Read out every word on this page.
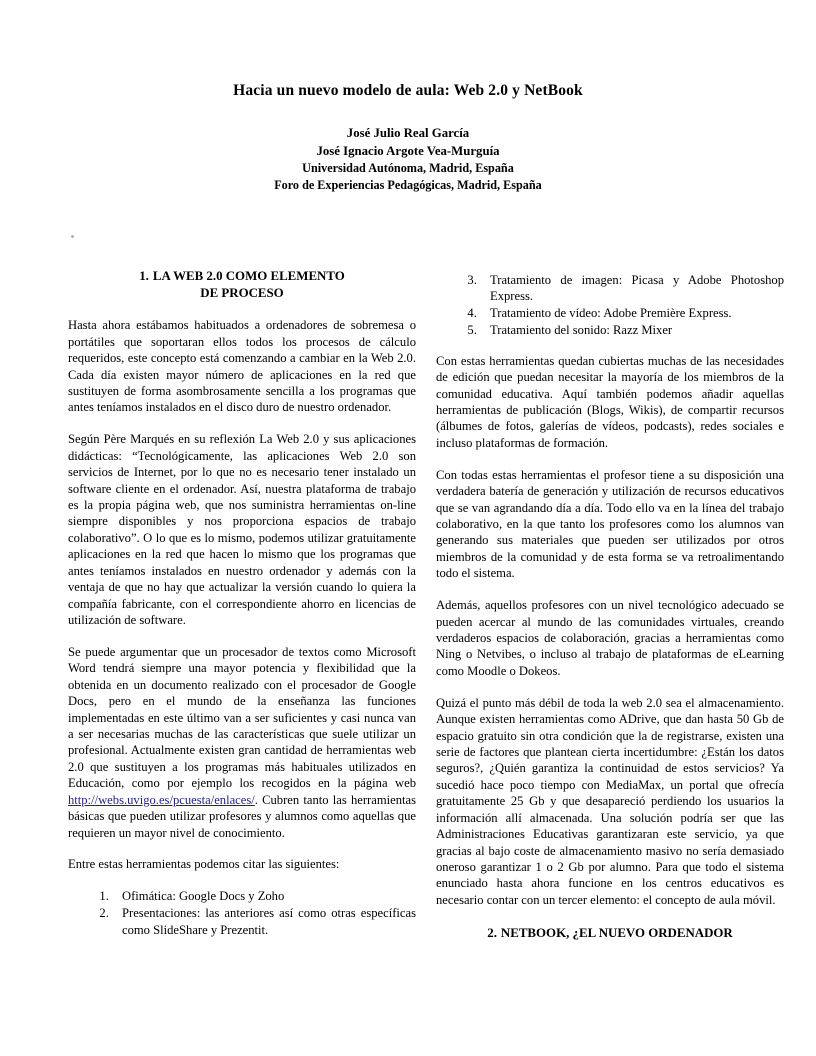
Hacia un nuevo modelo de aula: Web 2.0 y NetBook
José Julio Real García
José Ignacio Argote Vea-Murguía
Universidad Autónoma, Madrid, España
Foro de Experiencias Pedagógicas, Madrid, España
1. LA WEB 2.0 COMO ELEMENTO
DE PROCESO

Hasta ahora estábamos habituados a ordenadores de sobremesa o portátiles que soportaran ellos todos los procesos de cálculo requeridos, este concepto está comenzando a cambiar en la Web 2.0. Cada día existen mayor número de aplicaciones en la red que sustituyen de forma asombrosamente sencilla a los programas que antes teníamos instalados en el disco duro de nuestro ordenador.

Según Père Marqués en su reflexión La Web 2.0 y sus aplicaciones didácticas: “Tecnológicamente, las aplicaciones Web 2.0 son servicios de Internet, por lo que no es necesario tener instalado un software cliente en el ordenador. Así, nuestra plataforma de trabajo es la propia página web, que nos suministra herramientas on-line siempre disponibles y nos proporciona espacios de trabajo colaborativo”. O lo que es lo mismo, podemos utilizar gratuitamente aplicaciones en la red que hacen lo mismo que los programas que antes teníamos instalados en nuestro ordenador y además con la ventaja de que no hay que actualizar la versión cuando lo quiera la compañía fabricante, con el correspondiente ahorro en licencias de utilización de software.

Se puede argumentar que un procesador de textos como Microsoft Word tendrá siempre una mayor potencia y flexibilidad que la obtenida en un documento realizado con el procesador de Google Docs, pero en el mundo de la enseñanza las funciones implementadas en este último van a ser suficientes y casi nunca van a ser necesarias muchas de las características que suele utilizar un profesional. Actualmente existen gran cantidad de herramientas web 2.0 que sustituyen a los programas más habituales utilizados en Educación, como por ejemplo los recogidos en la página web http://webs.uvigo.es/pcuesta/enlaces/. Cubren tanto las herramientas básicas que pueden utilizar profesores y alumnos como aquellas que requieren un mayor nivel de conocimiento.

Entre estas herramientas podemos citar las siguientes:

1. Ofimática: Google Docs y Zoho
2. Presentaciones: las anteriores así como otras específicas como SlideShare y Prezentit.
3. Tratamiento de imagen: Picasa y Adobe Photoshop Express.
4. Tratamiento de vídeo: Adobe Première Express.
5. Tratamiento del sonido: Razz Mixer

Con estas herramientas quedan cubiertas muchas de las necesidades de edición que puedan necesitar la mayoría de los miembros de la comunidad educativa. Aquí también podemos añadir aquellas herramientas de publicación (Blogs, Wikis), de compartir recursos (álbumes de fotos, galerías de vídeos, podcasts), redes sociales e incluso plataformas de formación.

Con todas estas herramientas el profesor tiene a su disposición una verdadera batería de generación y utilización de recursos educativos que se van agrandando día a día. Todo ello va en la línea del trabajo colaborativo, en la que tanto los profesores como los alumnos van generando sus materiales que pueden ser utilizados por otros miembros de la comunidad y de esta forma se va retroalimentando todo el sistema.

Además, aquellos profesores con un nivel tecnológico adecuado se pueden acercar al mundo de las comunidades virtuales, creando verdaderos espacios de colaboración, gracias a herramientas como Ning o Netvibes, o incluso al trabajo de plataformas de eLearning como Moodle o Dokeos.

Quizá el punto más débil de toda la web 2.0 sea el almacenamiento. Aunque existen herramientas como ADrive, que dan hasta 50 Gb de espacio gratuito sin otra condición que la de registrarse, existen una serie de factores que plantean cierta incertidumbre: ¿Están los datos seguros?, ¿Quién garantiza la continuidad de estos servicios? Ya sucedió hace poco tiempo con MediaMax, un portal que ofrecía gratuitamente 25 Gb y que desapareció perdiendo los usuarios la información allí almacenada. Una solución podría ser que las Administraciones Educativas garantizaran este servicio, ya que gracias al bajo coste de almacenamiento masivo no sería demasiado oneroso garantizar 1 o 2 Gb por alumno. Para que todo el sistema enunciado hasta ahora funcione en los centros educativos es necesario contar con un tercer elemento: el concepto de aula móvil.

2. NETBOOK, ¿EL NUEVO ORDENADOR
